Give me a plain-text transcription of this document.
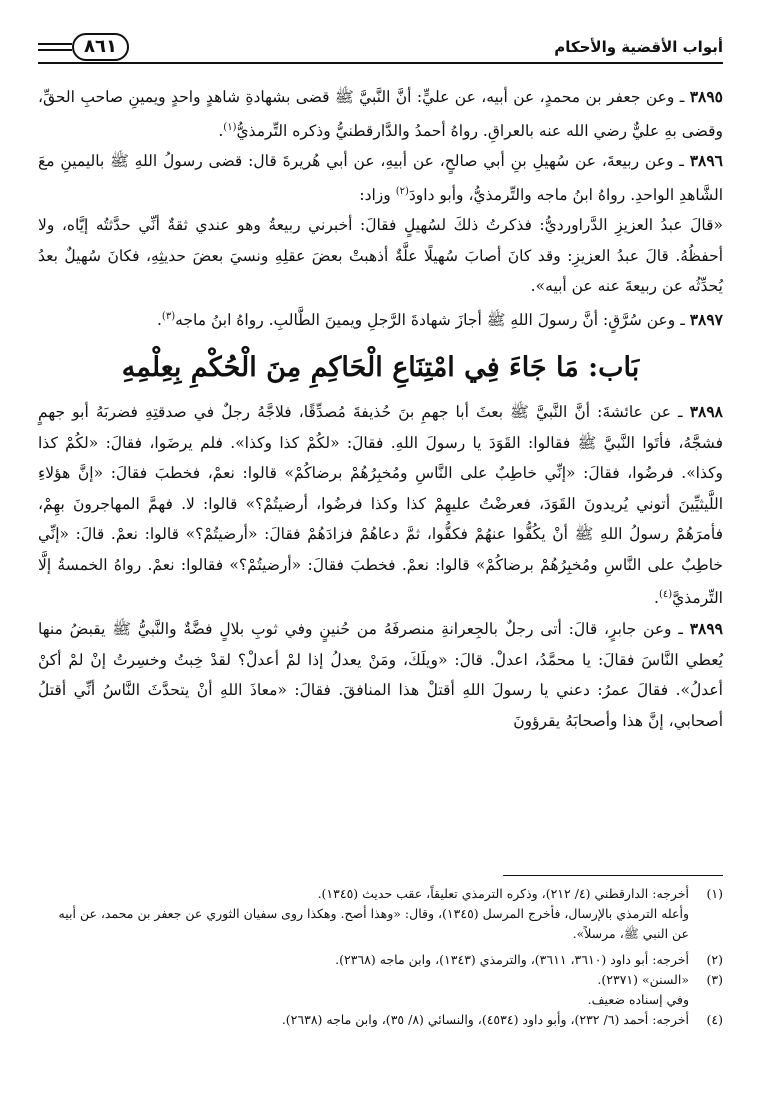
أبواب الأقضية والأحكام
٨٦١

٣٨٩٥ ـ وعن جعفر بن محمدٍ، عن أبيه، عن عليٍّ: أنَّ النَّبيَّ ﷺ قضى بشهادةِ شاهدٍ واحدٍ ويمينِ صاحبِ الحقِّ، وقضى بهِ عليٌّ رضي الله عنه بالعراقِ. رواهُ أحمدُ والدَّارقطنيُّ وذكره التِّرمذيُّ$^{(١)}$.

٣٨٩٦ ـ وعن ربيعةَ، عن سُهيلِ بنِ أبي صالحٍ، عن أبيهِ، عن أبي هُريرةَ قال: قضى رسولُ اللهِ ﷺ باليمينِ معَ الشَّاهدِ الواحدِ. رواهُ ابنُ ماجه والتِّرمذيُّ، وأبو داودَ$^{(٢)}$ وزاد:

«قالَ عبدُ العزيزِ الدَّراورديُّ: فذكرتُ ذلكَ لسُهيلٍ فقالَ: أخبرني ربيعةُ وهو عندي ثقةٌ أنِّي حدَّثتُه إيَّاه، ولا أحفظُهُ. قالَ عبدُ العزيزِ: وقد كانَ أصابَ سُهيلًا علَّةٌ أذهبتْ بعضَ عقلِهِ ونسيَ بعضَ حديثِهِ، فكانَ سُهيلٌ بعدُ يُحدِّثُه عن ربيعةَ عنه عن أبيه».

٣٨٩٧ ـ وعن سُرَّقٍ: أنَّ رسولَ اللهِ ﷺ أجازَ شهادةَ الرَّجلِ ويمينَ الطَّالبِ. رواهُ ابنُ ماجه$^{(٣)}$.

بَاب: مَا جَاءَ فِي امْتِنَاعِ الْحَاكِمِ مِنَ الْحُكْمِ بِعِلْمِهِ

٣٨٩٨ ـ عن عائشةَ: أنَّ النَّبيَّ ﷺ بعثَ أبا جهمِ بنَ حُذيفةَ مُصدِّقًا، فلاجَّهُ رجلٌ في صدقتِهِ فضربَهُ أبو جهمٍ فشجَّهُ، فأتَوا النَّبيَّ ﷺ فقالوا: القَوَدَ يا رسولَ اللهِ. فقالَ: «لكُمْ كذا وكذا». فلم يرضَوا، فقالَ: «لكُمْ كذا وكذا». فرضُوا، فقالَ: «إنِّي خاطِبٌ على النَّاسِ ومُخبِرُهُمْ برضاكُمْ» قالوا: نعمْ، فخطبَ فقالَ: «إنَّ هؤلاءِ اللَّيثيِّينَ أتوني يُريدونَ القَوَدَ، فعرضْتُ عليهِمْ كذا وكذا فرضُوا، أرضيتُمْ؟» قالوا: لا. فهمَّ المهاجرونَ بهِمْ، فأمرَهُمْ رسولُ اللهِ ﷺ أنْ يكُفُّوا عنهُمْ فكفُّوا، ثمَّ دعاهُمْ فزادَهُمْ فقالَ: «أرضيتُمْ؟» قالوا: نعمْ. قالَ: «إنِّي خاطِبٌ على النَّاسِ ومُخبِرُهُمْ برضاكُمْ» قالوا: نعمْ. فخطبَ فقالَ: «أرضيتُمْ؟» فقالوا: نعمْ. رواهُ الخمسةُ إلَّا التِّرمذيَّ$^{(٤)}$.

٣٨٩٩ ـ وعن جابرٍ، قالَ: أتى رجلٌ بالجِعرانةِ منصرفَهُ من حُنينٍ وفي ثوبِ بلالٍ فضَّةٌ والنَّبيُّ ﷺ يقبضُ منها يُعطي النَّاسَ فقالَ: يا محمَّدُ، اعدلْ. قالَ: «ويلَكَ، ومَنْ يعدلُ إذا لمْ أعدلْ؟ لقدْ خِبتُ وخسِرتُ إنْ لمْ أكنْ أعدلُ». فقالَ عمرُ: دعني يا رسولَ اللهِ أقتلْ هذا المنافقَ. فقالَ: «معاذَ اللهِ أنْ يتحدَّثَ النَّاسُ أنِّي أقتلُ أصحابي، إنَّ هذا وأصحابَهُ يقرؤونَ

(١)
أخرجه: الدارقطني (٤/ ٢١٢)، وذكره الترمذي تعليقاً، عقب حديث (١٣٤٥).
وأعله الترمذي بالإرسال، فأخرج المرسل (١٣٤٥)، وقال: «وهذا أصح. وهكذا روى سفيان الثوري عن جعفر بن محمد، عن أبيه عن النبي ﷺ، مرسلاً».
(٢)
أخرجه: أبو داود (٣٦١٠، ٣٦١١)، والترمذي (١٣٤٣)، وابن ماجه (٢٣٦٨).
(٣)
«السنن» (٢٣٧١).
وفي إسناده ضعيف.
(٤)
أخرجه: أحمد (٦/ ٢٣٢)، وأبو داود (٤٥٣٤)، والنسائي (٨/ ٣٥)، وابن ماجه (٢٦٣٨).
